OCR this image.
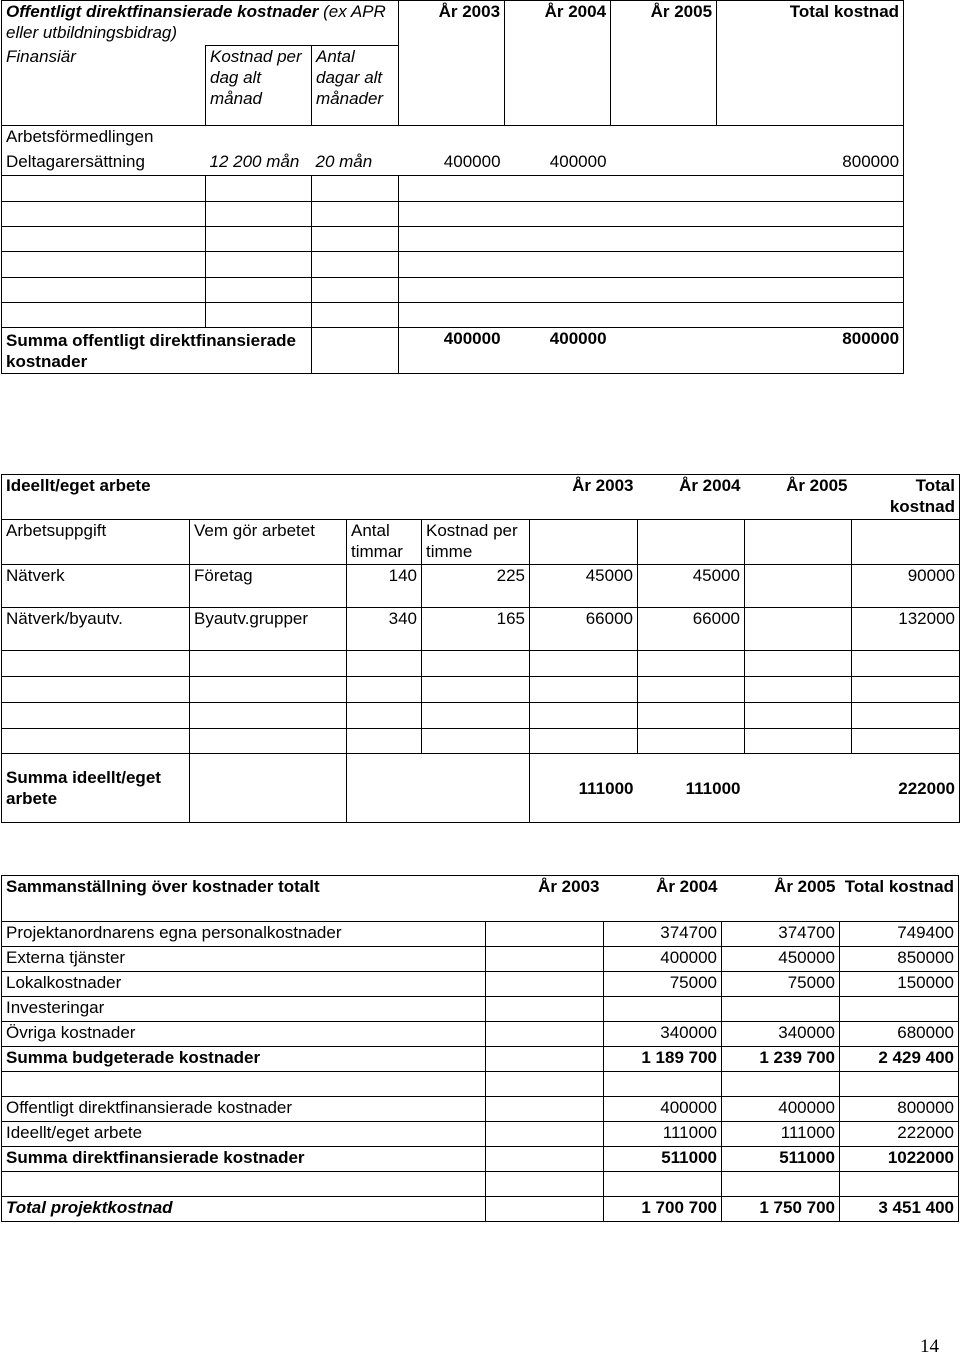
Offentligt direktfinansierade kostnader (ex APR eller utbildningsbidrag)			År 2003	År 2004	År 2005	Total kostnad
Finansiär	Kostnad per dag alt månad	Antal dagar alt månader				
Arbetsförmedlingen						
Deltagarersättning	12 200 mån	20 mån	400000	400000		800000

Summa offentligt direktfinansierade kostnader			400000	400000		800000
Ideellt/eget arbete				År 2003	År 2004	År 2005	Total kostnad
Arbetsuppgift	Vem gör arbetet	Antal timmar	Kostnad per timme				
Nätverk	Företag	140	225	45000	45000		90000
Nätverk/byautv.	Byautv.grupper	340	165	66000	66000		132000

Summa ideellt/eget arbete				111000	111000		222000
Sammanställning över kostnader totalt	År 2003	År 2004	År 2005	Total kostnad
Projektanordnarens egna personalkostnader		374700	374700	749400
Externa tjänster		400000	450000	850000
Lokalkostnader		75000	75000	150000
Investeringar				
Övriga kostnader		340000	340000	680000
Summa budgeterade kostnader		1 189 700	1 239 700	2 429 400

Offentligt direktfinansierade kostnader		400000	400000	800000
Ideellt/eget arbete		111000	111000	222000
Summa direktfinansierade kostnader		511000	511000	1022000

Total projektkostnad		1 700 700	1 750 700	3 451 400
14
